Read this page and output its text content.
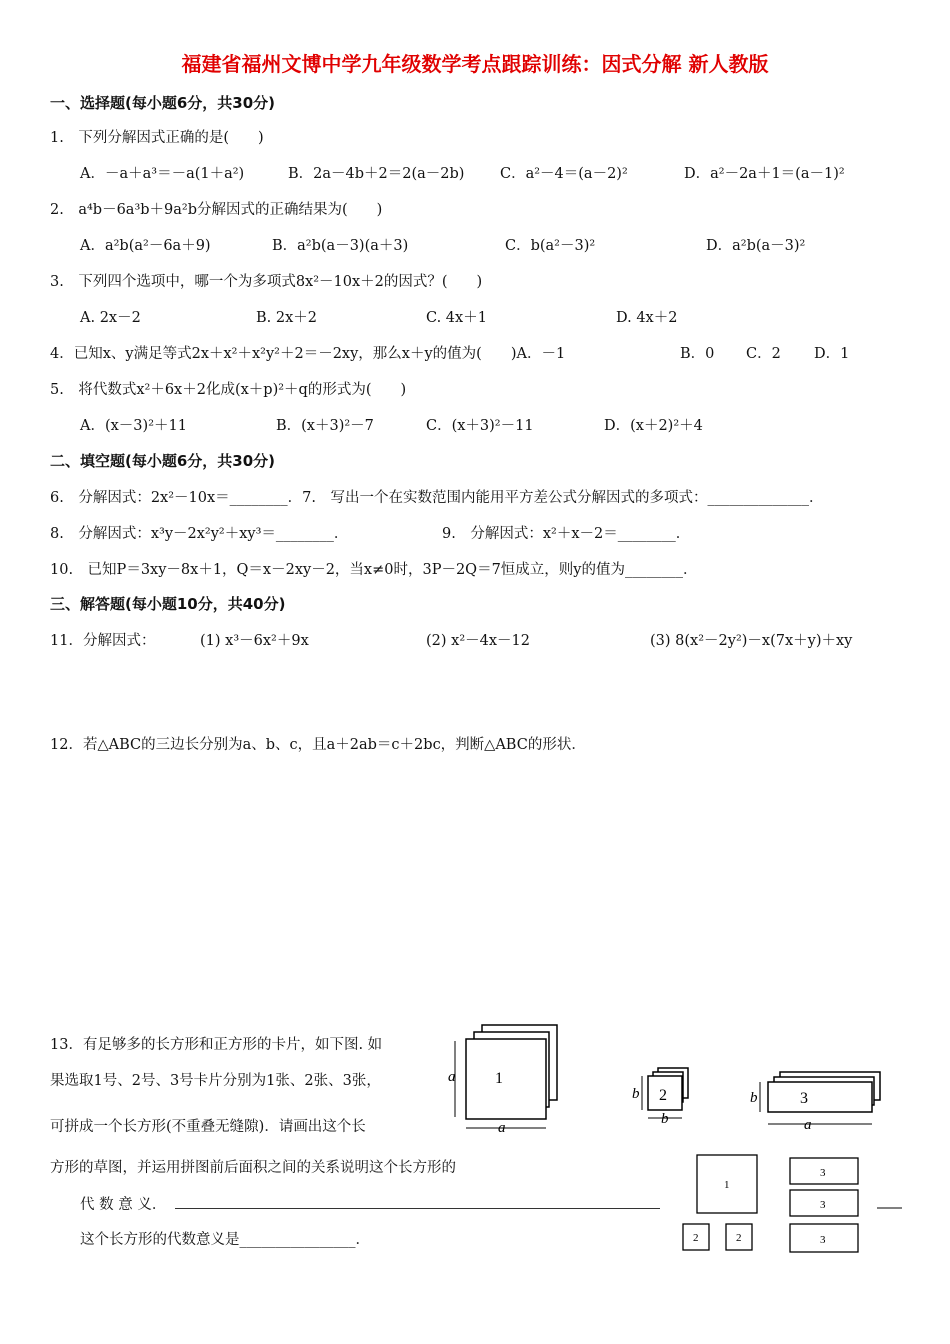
福建省福州文博中学九年级数学考点跟踪训练：因式分解 新人教版
一、选择题(每小题6分，共30分)
1.　下列分解因式正确的是(　　)
A．－a＋a³＝－a(1＋a²)	B．2a－4b＋2＝2(a－2b) C．a²－4＝(a－2)²	D．a²－2a＋1＝(a－1)²
2.　a⁴b－6a³b＋9a²b分解因式的正确结果为(　　)
A．a²b(a²－6a＋9)	B．a²b(a－3)(a＋3)	C．b(a²－3)²	D．a²b(a－3)²
3.　下列四个选项中，哪一个为多项式8x²－10x＋2的因式？(　　)
A. 2x－2	B. 2x＋2	C. 4x＋1	D. 4x＋2
4．已知x、y满足等式2x＋x²＋x²y²＋2＝－2xy，那么x＋y的值为(　　)A．－1	B．0 C．2 D．1
5.　将代数式x²＋6x＋2化成(x＋p)²＋q的形式为(　　)
A．(x－3)²＋11	B．(x＋3)²－7	C．(x＋3)²－11	D．(x＋2)²＋4
二、填空题(每小题6分，共30分)
6.　分解因式：2x²－10x＝________．7.　写出一个在实数范围内能用平方差公式分解因式的多项式：______________．
8.　分解因式：x³y－2x²y²＋xy³＝________．	9.　分解因式：x²＋x－2＝________．
10.　已知P＝3xy－8x＋1，Q＝x－2xy－2，当x≠0时，3P－2Q＝7恒成立，则y的值为________．
三、解答题(每小题10分，共40分)
11．分解因式：	(1) x³－6x²＋9x	(2) x²－4x－12	(3) 8(x²－2y²)－x(7x＋y)＋xy
12．若△ABC的三边长分别为a、b、c，且a＋2ab＝c＋2bc，判断△ABC的形状．
13．有足够多的长方形和正方形的卡片，如下图. 如
果选取1号、2号、3号卡片分别为1张、2张、3张，
可拼成一个长方形(不重叠无缝隙)．请画出这个长
方形的草图，并运用拼图前后面积之间的关系说明这个长方形的
代 数 意 义．
这个长方形的代数意义是________________．
1
a
a
2
b
b
3
b
a
1
3
3
3
2	2
